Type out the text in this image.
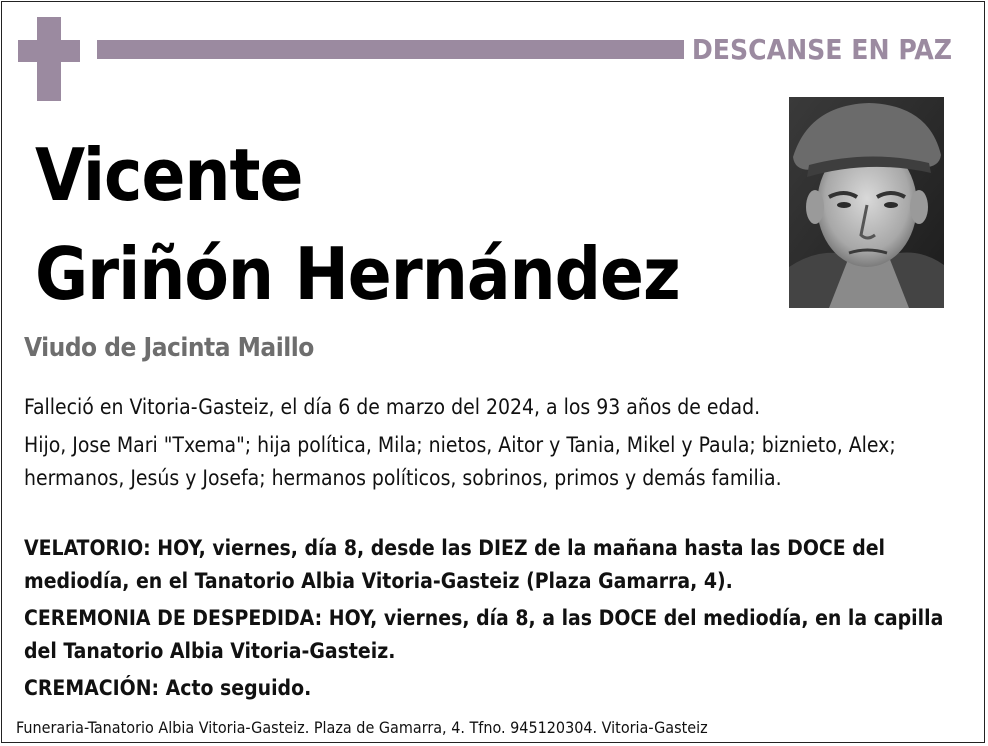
DESCANSE EN PAZ
Vicente
Griñón Hernández
Viudo de Jacinta Maillo
Falleció en Vitoria-Gasteiz, el día 6 de marzo del 2024, a los 93 años de edad.
Hijo, Jose Mari "Txema"; hija política, Mila; nietos, Aitor y Tania, Mikel y Paula; biznieto, Alex; hermanos, Jesús y Josefa; hermanos políticos, sobrinos, primos y demás familia.
VELATORIO: HOY, viernes, día 8, desde las DIEZ de la mañana hasta las DOCE del mediodía, en el Tanatorio Albia Vitoria-Gasteiz (Plaza Gamarra, 4).
CEREMONIA DE DESPEDIDA: HOY, viernes, día 8, a las DOCE del mediodía, en la capilla del Tanatorio Albia Vitoria-Gasteiz.
CREMACIÓN: Acto seguido.
Funeraria-Tanatorio Albia Vitoria-Gasteiz. Plaza de Gamarra, 4. Tfno. 945120304. Vitoria-Gasteiz
